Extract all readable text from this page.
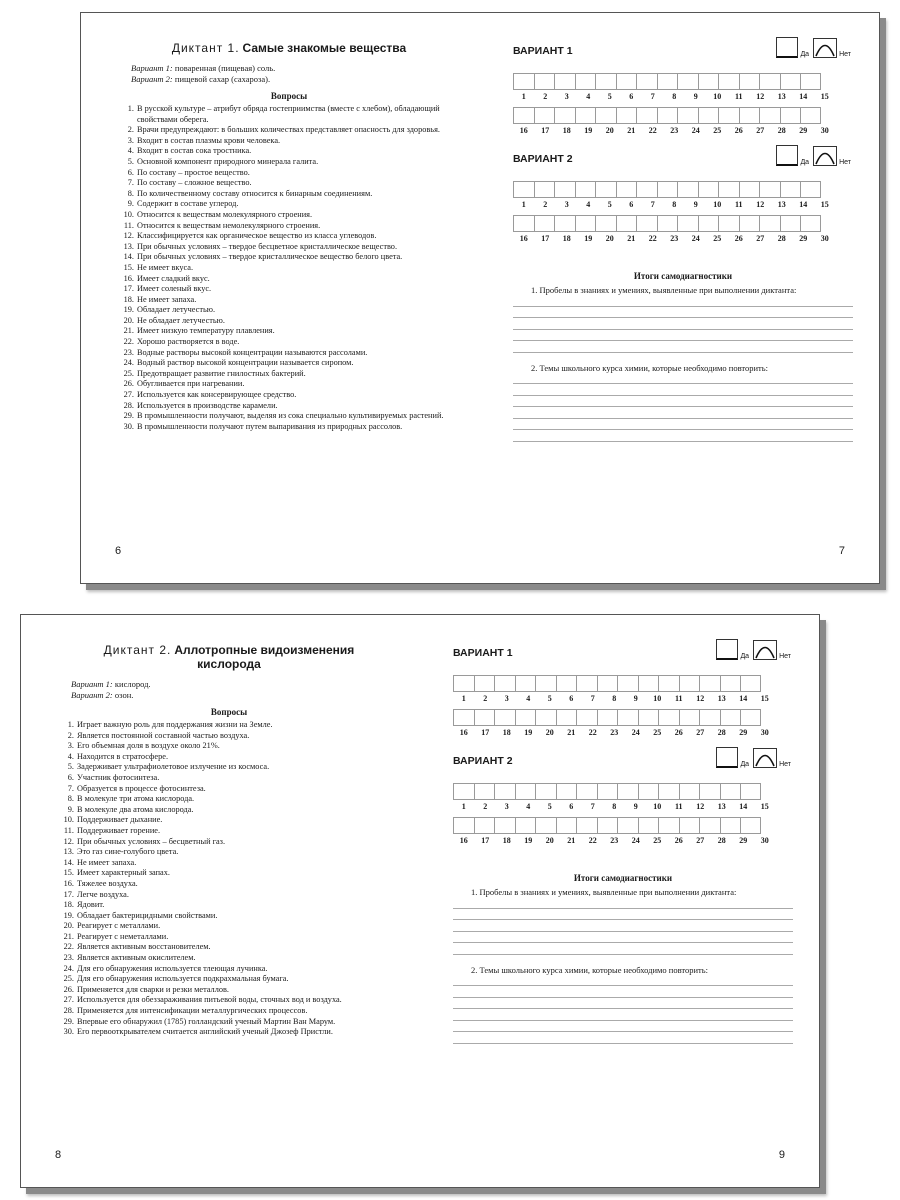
Диктант 1. Самые знакомые вещества

Вариант 1: поваренная (пищевая) соль.
Вариант 2: пищевой сахар (сахароза).
Вопросы
1. В русской культуре – атрибут обряда гостеприимства (вместе с хлебом), обладающий свойствами оберега.
2. Врачи предупреждают: в больших количествах представляет опасность для здоровья.
3. Входит в состав плазмы крови человека.
4. Входит в состав сока тростника.
5. Основной компонент природного минерала галита.
6. По составу – простое вещество.
7. По составу – сложное вещество.
8. По количественному составу относится к бинарным соединениям.
9. Содержит в составе углерод.
10. Относится к веществам молекулярного строения.
11. Относится к веществам немолекулярного строения.
12. Классифицируется как органическое вещество из класса углеводов.
13. При обычных условиях – твердое бесцветное кристаллическое вещество.
14. При обычных условиях – твердое кристаллическое вещество белого цвета.
15. Не имеет вкуса.
16. Имеет сладкий вкус.
17. Имеет соленый вкус.
18. Не имеет запаха.
19. Обладает летучестью.
20. Не обладает летучестью.
21. Имеет низкую температуру плавления.
22. Хорошо растворяется в воде.
23. Водные растворы высокой концентрации называются рассолами.
24. Водный раствор высокой концентрации называется сиропом.
25. Предотвращает развитие гнилостных бактерий.
26. Обугливается при нагревании.
27. Используется как консервирующее средство.
28. Используется в производстве карамели.
29. В промышленности получают, выделяя из сока специально культивируемых растений.
30. В промышленности получают путем выпаривания из природных рассолов.

ВАРИАНТ 1	Да	Нет
1	2	3	4	5	6	7	8	9	10	11	12	13	14	15
16	17	18	19	20	21	22	23	24	25	26	27	28	29	30

ВАРИАНТ 2	Да	Нет
1	2	3	4	5	6	7	8	9	10	11	12	13	14	15
16	17	18	19	20	21	22	23	24	25	26	27	28	29	30
Итоги самодиагностики
1. Пробелы в знаниях и умениях, выявленные при выполнении диктанта:
2. Темы школьного курса химии, которые необходимо повторить:
6	7
Диктант 2. Аллотропные видоизменения
кислорода
Вариант 1: кислород.
Вариант 2: озон.
Вопросы
1. Играет важную роль для поддержания жизни на Земле.
2. Является постоянной составной частью воздуха.
3. Его объемная доля в воздухе около 21%.
4. Находится в стратосфере.
5. Задерживает ультрафиолетовое излучение из космоса.
6. Участник фотосинтеза.
7. Образуется в процессе фотосинтеза.
8. В молекуле три атома кислорода.
9. В молекуле два атома кислорода.
10. Поддерживает дыхание.
11. Поддерживает горение.
12. При обычных условиях – бесцветный газ.
13. Это газ сине-голубого цвета.
14. Не имеет запаха.
15. Имеет характерный запах.
16. Тяжелее воздуха.
17. Легче воздуха.
18. Ядовит.
19. Обладает бактерицидными свойствами.
20. Реагирует с металлами.
21. Реагирует с неметаллами.
22. Является активным восстановителем.
23. Является активным окислителем.
24. Для его обнаружения используется тлеющая лучинка.
25. Для его обнаружения используется подкрахмальная бумага.
26. Применяется для сварки и резки металлов.
27. Используется для обеззараживания питьевой воды, сточных вод и воздуха.
28. Применяется для интенсификации металлургических процессов.
29. Впервые его обнаружил (1785) голландский ученый Мартин Ван Марум.
30. Его первооткрывателем считается английский ученый Джозеф Пристли.

ВАРИАНТ 1	Да	Нет
1	2	3	4	5	6	7	8	9	10	11	12	13	14	15
16	17	18	19	20	21	22	23	24	25	26	27	28	29	30

ВАРИАНТ 2	Да	Нет
1	2	3	4	5	6	7	8	9	10	11	12	13	14	15
16	17	18	19	20	21	22	23	24	25	26	27	28	29	30
Итоги самодиагностики
1. Пробелы в знаниях и умениях, выявленные при выполнении диктанта:
2. Темы школьного курса химии, которые необходимо повторить:
8	9
